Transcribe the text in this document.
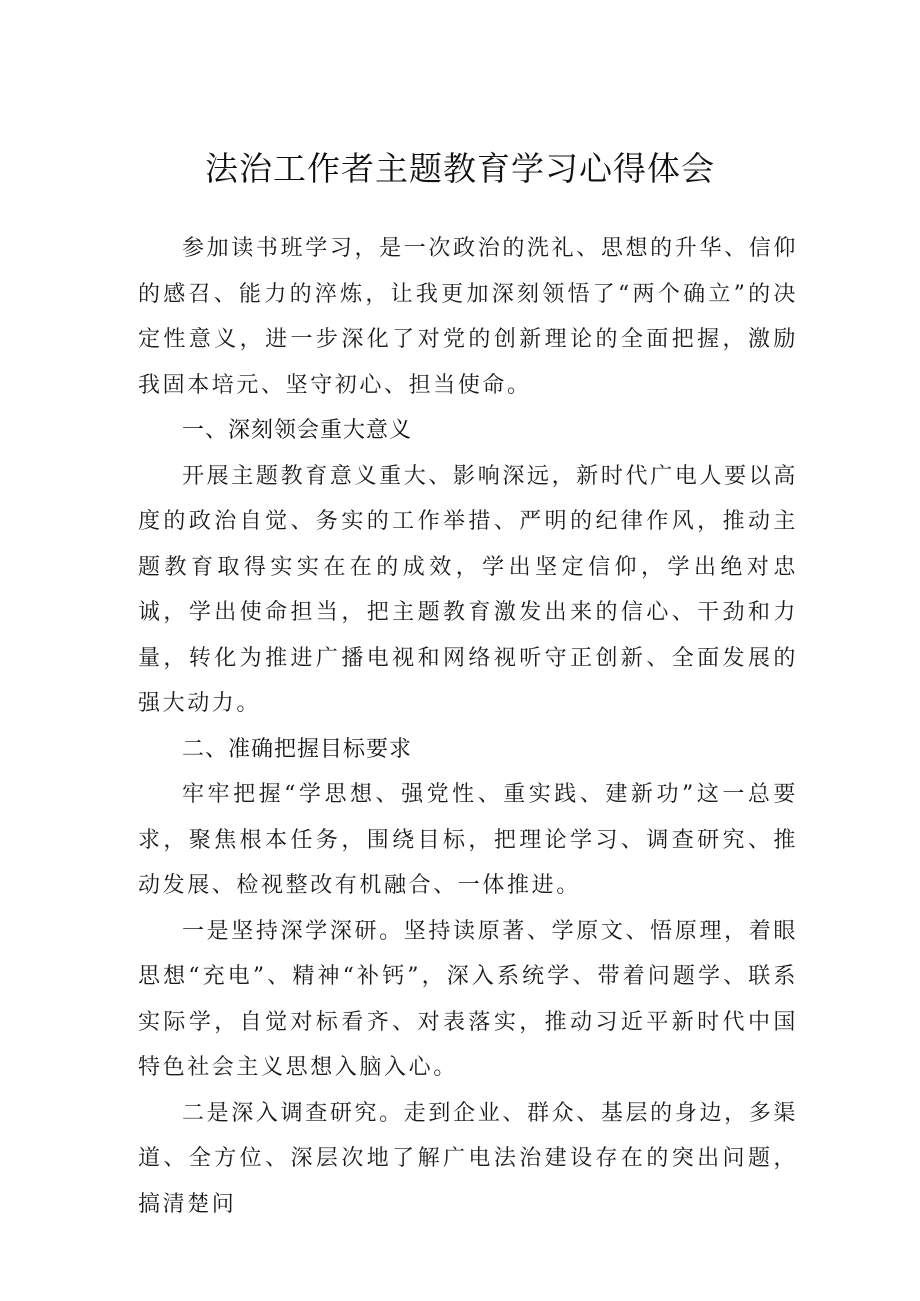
法治工作者主题教育学习心得体会

参加读书班学习，是一次政治的洗礼、思想的升华、信仰的感召、能力的淬炼，让我更加深刻领悟了“两个确立”的决定性意义，进一步深化了对党的创新理论的全面把握，激励我固本培元、坚守初心、担当使命。

一、深刻领会重大意义

开展主题教育意义重大、影响深远，新时代广电人要以高度的政治自觉、务实的工作举措、严明的纪律作风，推动主题教育取得实实在在的成效，学出坚定信仰，学出绝对忠诚，学出使命担当，把主题教育激发出来的信心、干劲和力量，转化为推进广播电视和网络视听守正创新、全面发展的强大动力。

二、准确把握目标要求

牢牢把握“学思想、强党性、重实践、建新功”这一总要求，聚焦根本任务，围绕目标，把理论学习、调查研究、推动发展、检视整改有机融合、一体推进。

一是坚持深学深研。坚持读原著、学原文、悟原理，着眼思想“充电”、精神“补钙”，深入系统学、带着问题学、联系实际学，自觉对标看齐、对表落实，推动习近平新时代中国特色社会主义思想入脑入心。

二是深入调查研究。走到企业、群众、基层的身边，多渠道、全方位、深层次地了解广电法治建设存在的突出问题，搞清楚问
